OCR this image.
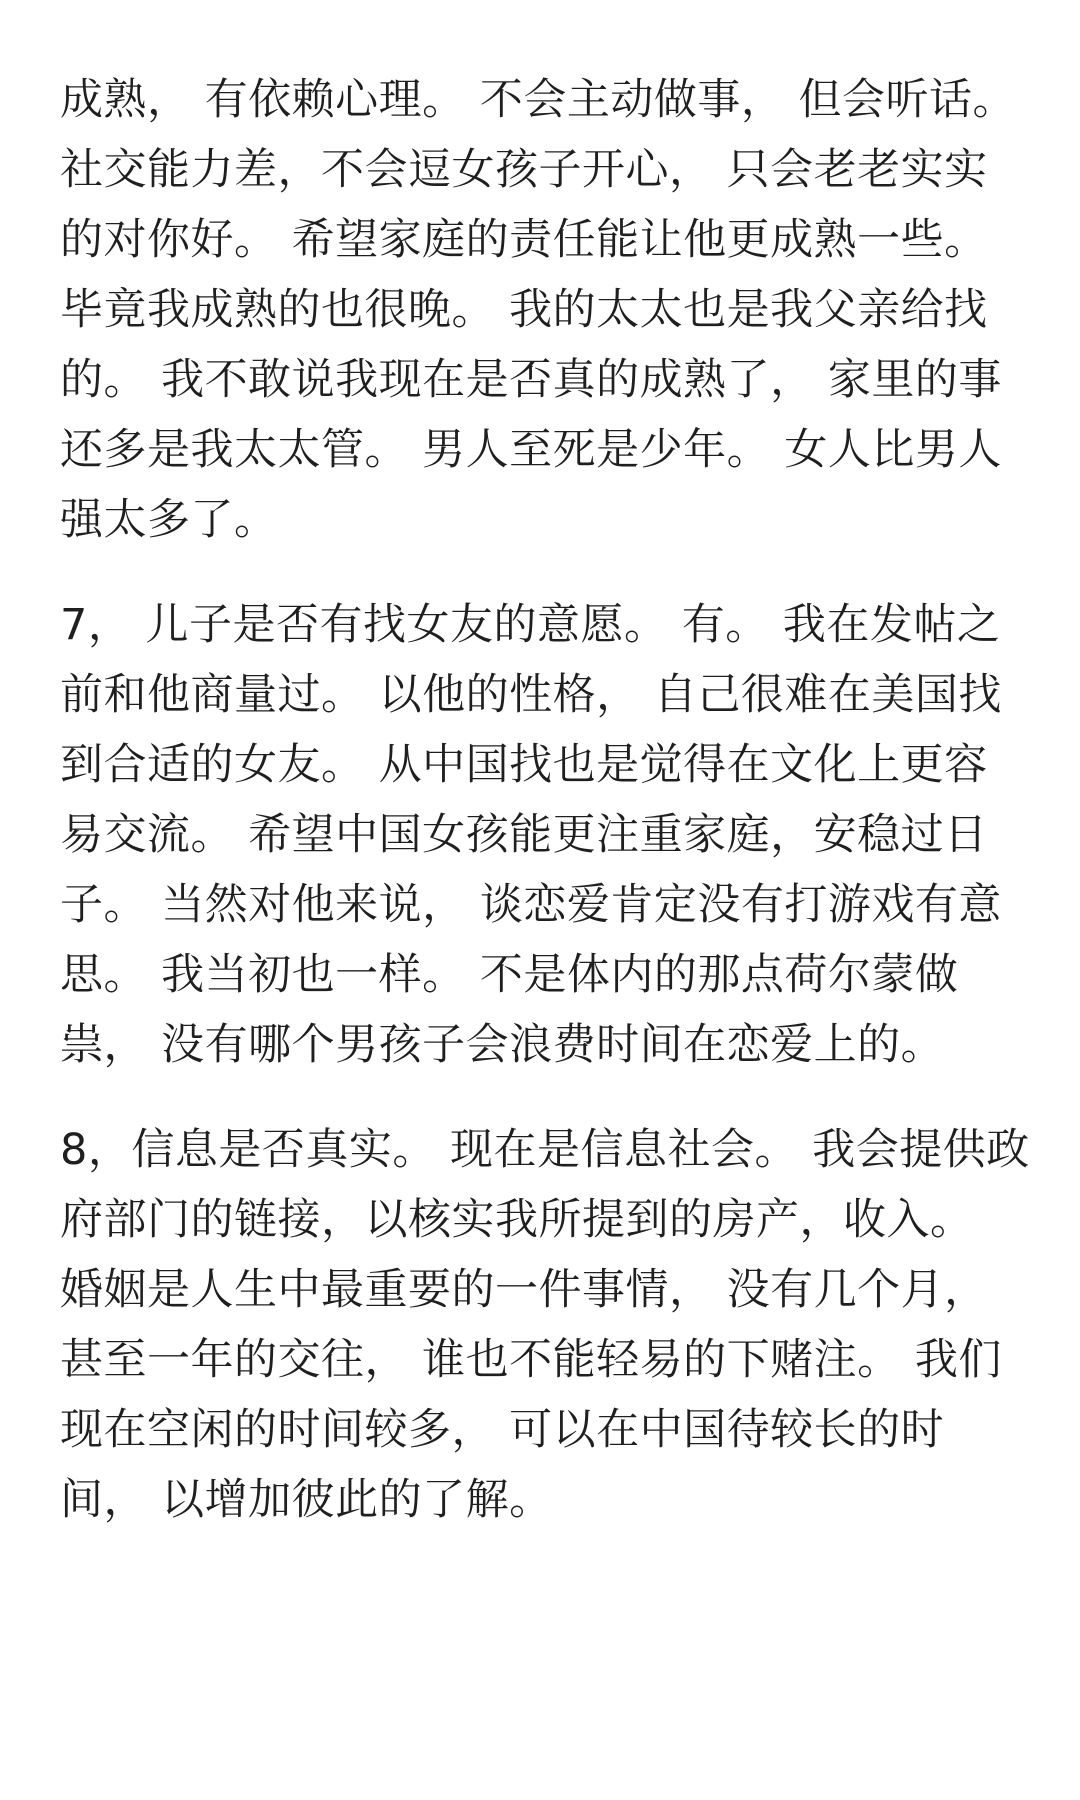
成熟， 有依赖心理。 不会主动做事， 但会听话。
社交能力差，不会逗女孩子开心， 只会老老实实
的对你好。 希望家庭的责任能让他更成熟一些。
毕竟我成熟的也很晚。 我的太太也是我父亲给找
的。 我不敢说我现在是否真的成熟了， 家里的事
还多是我太太管。 男人至死是少年。 女人比男人
强太多了。
7， 儿子是否有找女友的意愿。 有。 我在发帖之
前和他商量过。 以他的性格， 自己很难在美国找
到合适的女友。 从中国找也是觉得在文化上更容
易交流。 希望中国女孩能更注重家庭，安稳过日
子。 当然对他来说， 谈恋爱肯定没有打游戏有意
思。 我当初也一样。 不是体内的那点荷尔蒙做
祟， 没有哪个男孩子会浪费时间在恋爱上的。
8，信息是否真实。 现在是信息社会。 我会提供政
府部门的链接，以核实我所提到的房产，收入。
婚姻是人生中最重要的一件事情， 没有几个月，
甚至一年的交往， 谁也不能轻易的下赌注。 我们
现在空闲的时间较多， 可以在中国待较长的时
间， 以增加彼此的了解。
